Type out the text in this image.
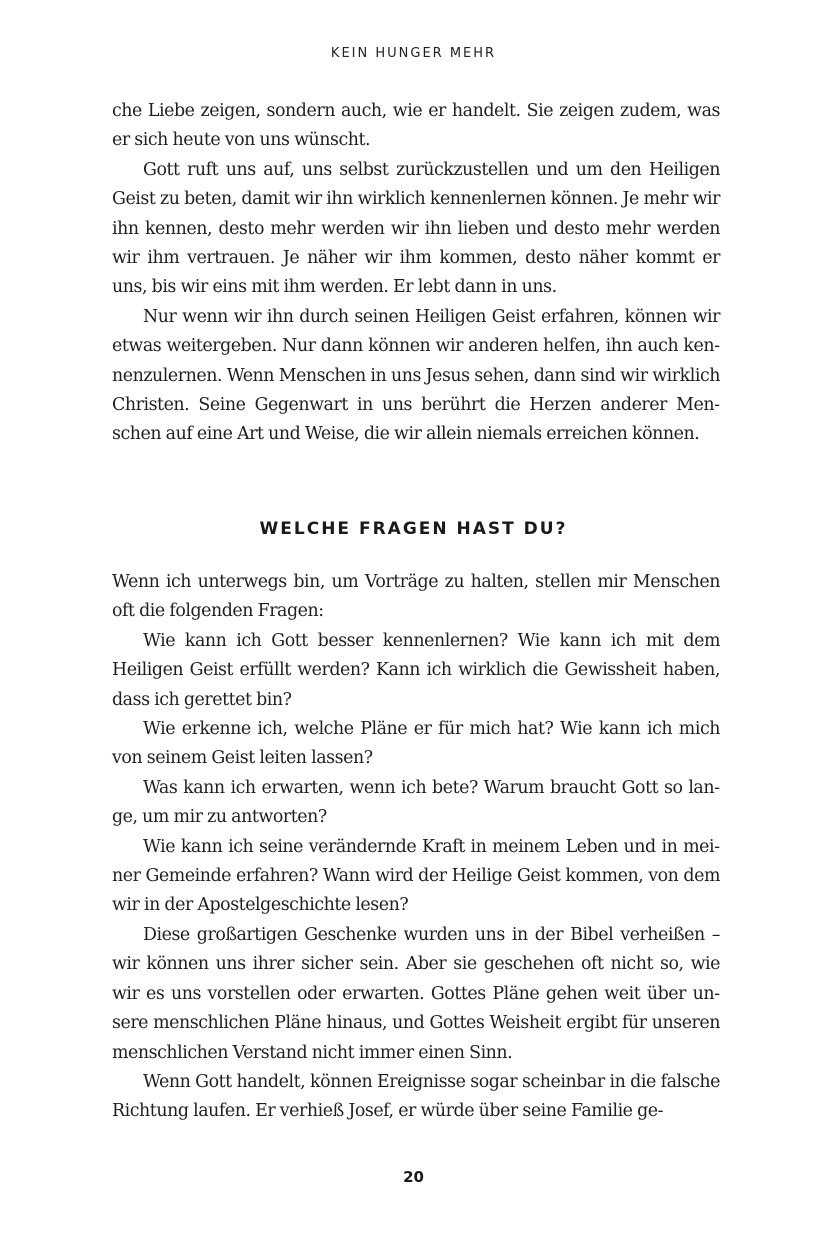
KEIN HUNGER MEHR

che Liebe zeigen, sondern auch, wie er handelt. Sie zeigen zudem, was er sich heute von uns wünscht.

Gott ruft uns auf, uns selbst zurückzustellen und um den Heiligen Geist zu beten, damit wir ihn wirklich kennenlernen können. Je mehr wir ihn kennen, desto mehr werden wir ihn lieben und desto mehr werden wir ihm vertrauen. Je näher wir ihm kommen, desto näher kommt er uns, bis wir eins mit ihm werden. Er lebt dann in uns.

Nur wenn wir ihn durch seinen Heiligen Geist erfahren, können wir etwas weitergeben. Nur dann können wir anderen helfen, ihn auch kennenzulernen. Wenn Menschen in uns Jesus sehen, dann sind wir wirklich Christen. Seine Gegenwart in uns berührt die Herzen anderer Menschen auf eine Art und Weise, die wir allein niemals erreichen können.

WELCHE FRAGEN HAST DU?

Wenn ich unterwegs bin, um Vorträge zu halten, stellen mir Menschen oft die folgenden Fragen:

Wie kann ich Gott besser kennenlernen? Wie kann ich mit dem Heiligen Geist erfüllt werden? Kann ich wirklich die Gewissheit haben, dass ich gerettet bin?

Wie erkenne ich, welche Pläne er für mich hat? Wie kann ich mich von seinem Geist leiten lassen?

Was kann ich erwarten, wenn ich bete? Warum braucht Gott so lange, um mir zu antworten?

Wie kann ich seine verändernde Kraft in meinem Leben und in meiner Gemeinde erfahren? Wann wird der Heilige Geist kommen, von dem wir in der Apostelgeschichte lesen?

Diese großartigen Geschenke wurden uns in der Bibel verheißen – wir können uns ihrer sicher sein. Aber sie geschehen oft nicht so, wie wir es uns vorstellen oder erwarten. Gottes Pläne gehen weit über unsere menschlichen Pläne hinaus, und Gottes Weisheit ergibt für unseren menschlichen Verstand nicht immer einen Sinn.

Wenn Gott handelt, können Ereignisse sogar scheinbar in die falsche Richtung laufen. Er verhieß Josef, er würde über seine Familie ge-

20
